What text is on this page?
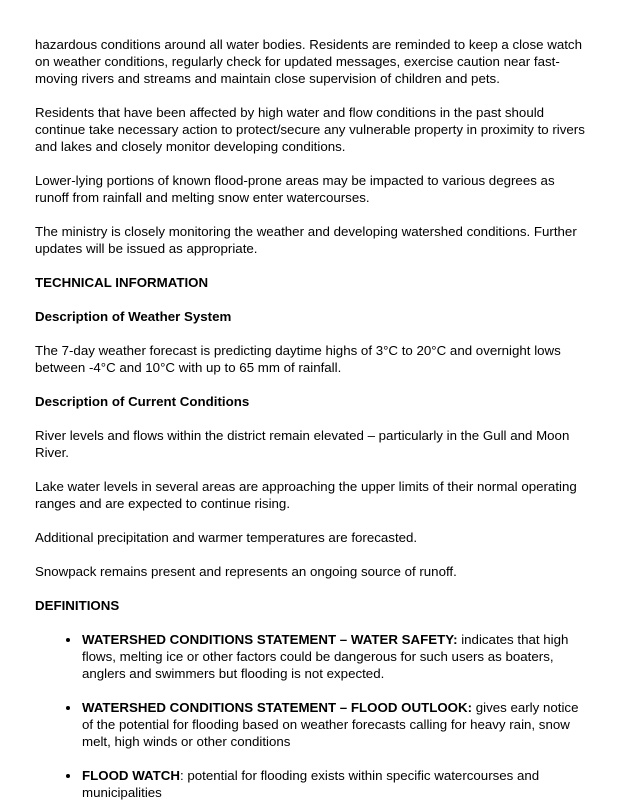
hazardous conditions around all water bodies. Residents are reminded to keep a close watch on weather conditions, regularly check for updated messages, exercise caution near fast-moving rivers and streams and maintain close supervision of children and pets.

Residents that have been affected by high water and flow conditions in the past should continue take necessary action to protect/secure any vulnerable property in proximity to rivers and lakes and closely monitor developing conditions.

Lower-lying portions of known flood-prone areas may be impacted to various degrees as runoff from rainfall and melting snow enter watercourses.

The ministry is closely monitoring the weather and developing watershed conditions. Further updates will be issued as appropriate.

TECHNICAL INFORMATION
Description of Weather System

The 7-day weather forecast is predicting daytime highs of 3°C to 20°C and overnight lows between -4°C and 10°C with up to 65 mm of rainfall.

Description of Current Conditions

River levels and flows within the district remain elevated – particularly in the Gull and Moon River.

Lake water levels in several areas are approaching the upper limits of their normal operating ranges and are expected to continue rising.

Additional precipitation and warmer temperatures are forecasted.

Snowpack remains present and represents an ongoing source of runoff.

DEFINITIONS
• WATERSHED CONDITIONS STATEMENT – WATER SAFETY: indicates that high flows, melting ice or other factors could be dangerous for such users as boaters, anglers and swimmers but flooding is not expected.
• WATERSHED CONDITIONS STATEMENT – FLOOD OUTLOOK: gives early notice of the potential for flooding based on weather forecasts calling for heavy rain, snow melt, high winds or other conditions
• FLOOD WATCH: potential for flooding exists within specific watercourses and municipalities
